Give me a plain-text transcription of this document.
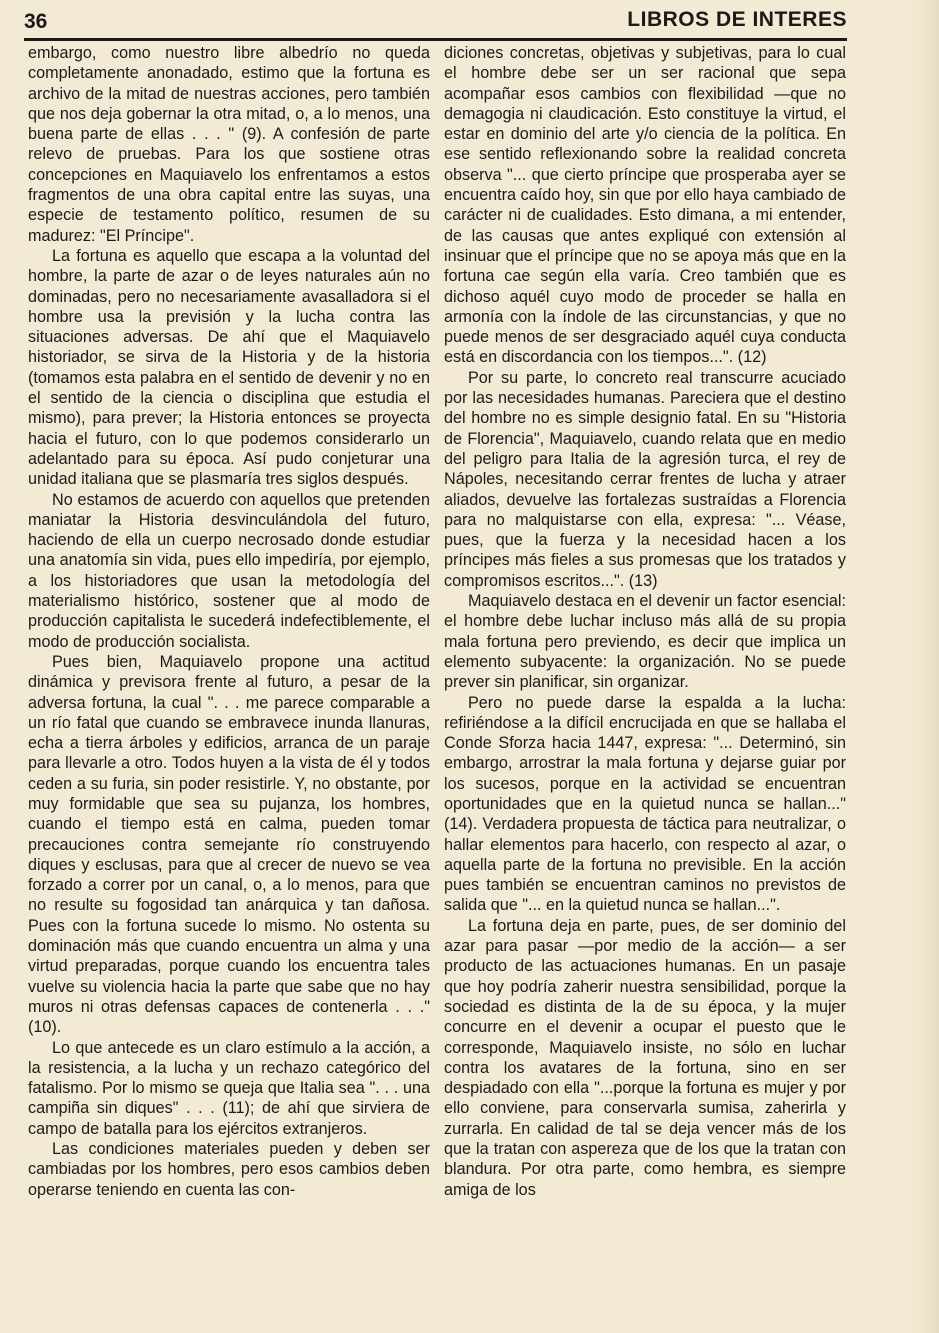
36	LIBROS DE INTERES

embargo, como nuestro libre albedrío no queda completamente anonadado, estimo que la fortuna es archivo de la mitad de nuestras acciones, pero también que nos deja gobernar la otra mitad, o, a lo menos, una buena parte de ellas . . . " (9). A confesión de parte relevo de pruebas. Para los que sostiene otras concepciones en Maquiavelo los enfrentamos a estos fragmentos de una obra capital entre las suyas, una especie de testamento político, resumen de su madurez: "El Príncipe".

La fortuna es aquello que escapa a la voluntad del hombre, la parte de azar o de leyes naturales aún no dominadas, pero no necesariamente avasalladora si el hombre usa la previsión y la lucha contra las situaciones adversas. De ahí que el Maquiavelo historiador, se sirva de la Historia y de la historia (tomamos esta palabra en el sentido de devenir y no en el sentido de la ciencia o disciplina que estudia el mismo), para prever; la Historia entonces se proyecta hacia el futuro, con lo que podemos considerarlo un adelantado para su época. Así pudo conjeturar una unidad italiana que se plasmaría tres siglos después.

No estamos de acuerdo con aquellos que pretenden maniatar la Historia desvinculándola del futuro, haciendo de ella un cuerpo necrosado donde estudiar una anatomía sin vida, pues ello impediría, por ejemplo, a los historiadores que usan la metodología del materialismo histórico, sostener que al modo de producción capitalista le sucederá indefectiblemente, el modo de producción socialista.

Pues bien, Maquiavelo propone una actitud dinámica y previsora frente al futuro, a pesar de la adversa fortuna, la cual ". . . me parece comparable a un río fatal que cuando se embravece inunda llanuras, echa a tierra árboles y edificios, arranca de un paraje para llevarle a otro. Todos huyen a la vista de él y todos ceden a su furia, sin poder resistirle. Y, no obstante, por muy formidable que sea su pujanza, los hombres, cuando el tiempo está en calma, pueden tomar precauciones contra semejante río construyendo diques y esclusas, para que al crecer de nuevo se vea forzado a correr por un canal, o, a lo menos, para que no resulte su fogosidad tan anárquica y tan dañosa. Pues con la fortuna sucede lo mismo. No ostenta su dominación más que cuando encuentra un alma y una virtud preparadas, porque cuando los encuentra tales vuelve su violencia hacia la parte que sabe que no hay muros ni otras defensas capaces de contenerla . . ." (10).

Lo que antecede es un claro estímulo a la acción, a la resistencia, a la lucha y un rechazo categórico del fatalismo. Por lo mismo se queja que Italia sea ". . . una campiña sin diques" . . . (11); de ahí que sirviera de campo de batalla para los ejércitos extranjeros.

Las condiciones materiales pueden y deben ser cambiadas por los hombres, pero esos cambios deben operarse teniendo en cuenta las con-

diciones concretas, objetivas y subjetivas, para lo cual el hombre debe ser un ser racional que sepa acompañar esos cambios con flexibilidad —que no demagogia ni claudicación. Esto constituye la virtud, el estar en dominio del arte y/o ciencia de la política. En ese sentido reflexionando sobre la realidad concreta observa "... que cierto príncipe que prosperaba ayer se encuentra caído hoy, sin que por ello haya cambiado de carácter ni de cualidades. Esto dimana, a mi entender, de las causas que antes expliqué con extensión al insinuar que el príncipe que no se apoya más que en la fortuna cae según ella varía. Creo también que es dichoso aquél cuyo modo de proceder se halla en armonía con la índole de las circunstancias, y que no puede menos de ser desgraciado aquél cuya conducta está en discordancia con los tiempos...". (12)

Por su parte, lo concreto real transcurre acuciado por las necesidades humanas. Pareciera que el destino del hombre no es simple designio fatal. En su "Historia de Florencia", Maquiavelo, cuando relata que en medio del peligro para Italia de la agresión turca, el rey de Nápoles, necesitando cerrar frentes de lucha y atraer aliados, devuelve las fortalezas sustraídas a Florencia para no malquistarse con ella, expresa: "... Véase, pues, que la fuerza y la necesidad hacen a los príncipes más fieles a sus promesas que los tratados y compromisos escritos...". (13)

Maquiavelo destaca en el devenir un factor esencial: el hombre debe luchar incluso más allá de su propia mala fortuna pero previendo, es decir que implica un elemento subyacente: la organización. No se puede prever sin planificar, sin organizar.

Pero no puede darse la espalda a la lucha: refiriéndose a la difícil encrucijada en que se hallaba el Conde Sforza hacia 1447, expresa: "... Determinó, sin embargo, arrostrar la mala fortuna y dejarse guiar por los sucesos, porque en la actividad se encuentran oportunidades que en la quietud nunca se hallan..." (14). Verdadera propuesta de táctica para neutralizar, o hallar elementos para hacerlo, con respecto al azar, o aquella parte de la fortuna no previsible. En la acción pues también se encuentran caminos no previstos de salida que "... en la quietud nunca se hallan...".

La fortuna deja en parte, pues, de ser dominio del azar para pasar —por medio de la acción— a ser producto de las actuaciones humanas. En un pasaje que hoy podría zaherir nuestra sensibilidad, porque la sociedad es distinta de la de su época, y la mujer concurre en el devenir a ocupar el puesto que le corresponde, Maquiavelo insiste, no sólo en luchar contra los avatares de la fortuna, sino en ser despiadado con ella "...porque la fortuna es mujer y por ello conviene, para conservarla sumisa, zaherirla y zurrarla. En calidad de tal se deja vencer más de los que la tratan con aspereza que de los que la tratan con blandura. Por otra parte, como hembra, es siempre amiga de los
